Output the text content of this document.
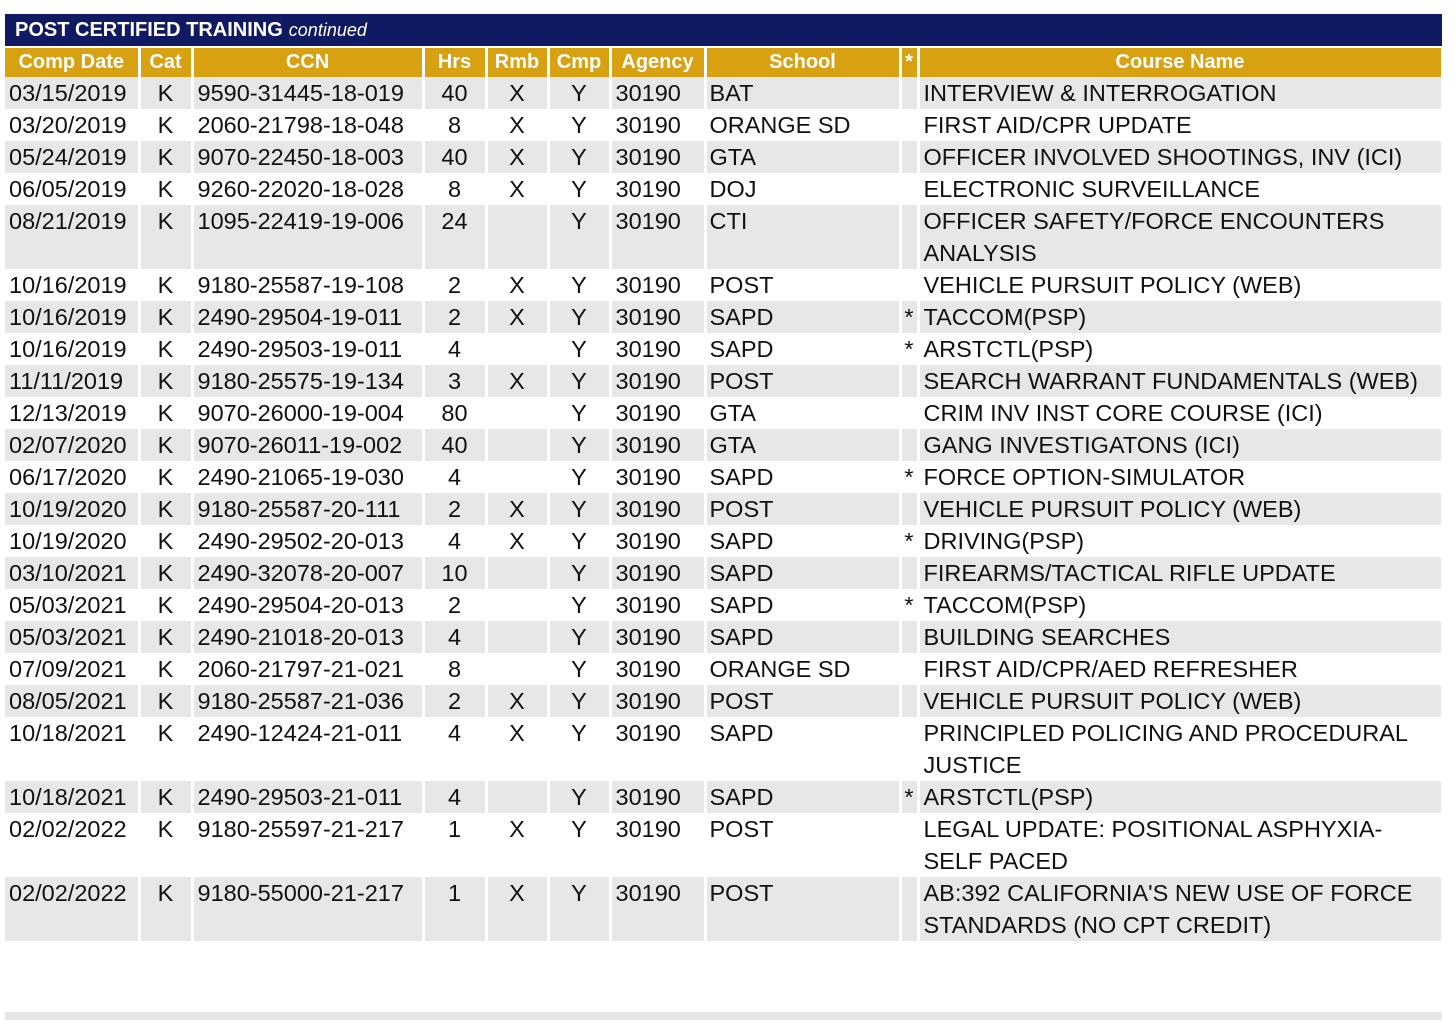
POST CERTIFIED TRAINING continued
Comp Date	Cat	CCN	Hrs	Rmb	Cmp	Agency	School	*	Course Name
03/15/2019	K	9590-31445-18-019	40	X	Y	30190	BAT		INTERVIEW & INTERROGATION
03/20/2019	K	2060-21798-18-048	8	X	Y	30190	ORANGE SD		FIRST AID/CPR UPDATE
05/24/2019	K	9070-22450-18-003	40	X	Y	30190	GTA		OFFICER INVOLVED SHOOTINGS, INV (ICI)
06/05/2019	K	9260-22020-18-028	8	X	Y	30190	DOJ		ELECTRONIC SURVEILLANCE
08/21/2019	K	1095-22419-19-006	24		Y	30190	CTI		OFFICER SAFETY/FORCE ENCOUNTERS ANALYSIS
10/16/2019	K	9180-25587-19-108	2	X	Y	30190	POST		VEHICLE PURSUIT POLICY (WEB)
10/16/2019	K	2490-29504-19-011	2	X	Y	30190	SAPD	*	TACCOM(PSP)
10/16/2019	K	2490-29503-19-011	4		Y	30190	SAPD	*	ARSTCTL(PSP)
11/11/2019	K	9180-25575-19-134	3	X	Y	30190	POST		SEARCH WARRANT FUNDAMENTALS (WEB)
12/13/2019	K	9070-26000-19-004	80		Y	30190	GTA		CRIM INV INST CORE COURSE (ICI)
02/07/2020	K	9070-26011-19-002	40		Y	30190	GTA		GANG INVESTIGATONS (ICI)
06/17/2020	K	2490-21065-19-030	4		Y	30190	SAPD	*	FORCE OPTION-SIMULATOR
10/19/2020	K	9180-25587-20-111	2	X	Y	30190	POST		VEHICLE PURSUIT POLICY (WEB)
10/19/2020	K	2490-29502-20-013	4	X	Y	30190	SAPD	*	DRIVING(PSP)
03/10/2021	K	2490-32078-20-007	10		Y	30190	SAPD		FIREARMS/TACTICAL RIFLE UPDATE
05/03/2021	K	2490-29504-20-013	2		Y	30190	SAPD	*	TACCOM(PSP)
05/03/2021	K	2490-21018-20-013	4		Y	30190	SAPD		BUILDING SEARCHES
07/09/2021	K	2060-21797-21-021	8		Y	30190	ORANGE SD		FIRST AID/CPR/AED REFRESHER
08/05/2021	K	9180-25587-21-036	2	X	Y	30190	POST		VEHICLE PURSUIT POLICY (WEB)
10/18/2021	K	2490-12424-21-011	4	X	Y	30190	SAPD		PRINCIPLED POLICING AND PROCEDURAL JUSTICE
10/18/2021	K	2490-29503-21-011	4		Y	30190	SAPD	*	ARSTCTL(PSP)
02/02/2022	K	9180-25597-21-217	1	X	Y	30190	POST		LEGAL UPDATE: POSITIONAL ASPHYXIA-SELF PACED
02/02/2022	K	9180-55000-21-217	1	X	Y	30190	POST		AB:392 CALIFORNIA'S NEW USE OF FORCE STANDARDS (NO CPT CREDIT)
